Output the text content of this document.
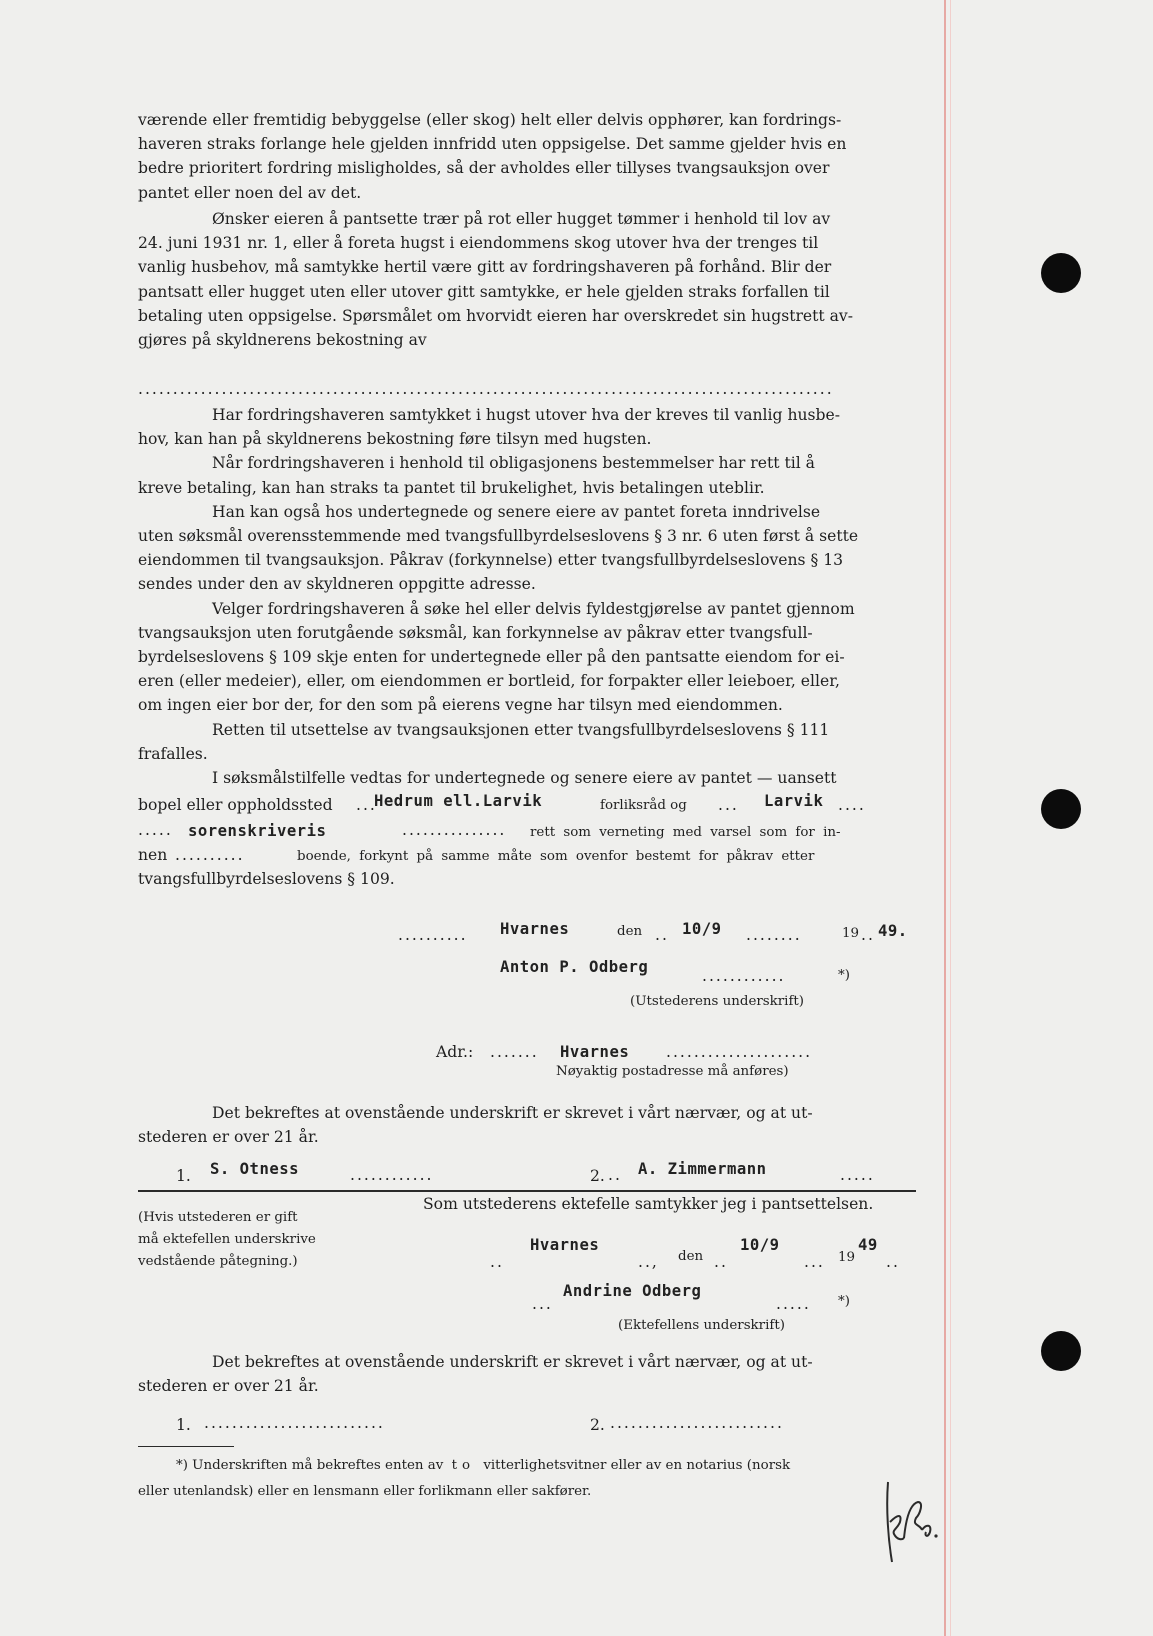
værende eller fremtidig bebyggelse (eller skog) helt eller delvis opphører, kan fordrings-
haveren straks forlange hele gjelden innfridd uten oppsigelse. Det samme gjelder hvis en
bedre prioritert fordring misligholdes, så der avholdes eller tillyses tvangsauksjon over
pantet eller noen del av det.
Ønsker eieren å pantsette trær på rot eller hugget tømmer i henhold til lov av
24. juni 1931 nr. 1, eller å foreta hugst i eiendommens skog utover hva der trenges til
vanlig husbehov, må samtykke hertil være gitt av fordringshaveren på forhånd. Blir der
pantsatt eller hugget uten eller utover gitt samtykke, er hele gjelden straks forfallen til
betaling uten oppsigelse. Spørsmålet om hvorvidt eieren har overskredet sin hugstrett av-
gjøres på skyldnerens bekostning av
....................................................................................................
Har fordringshaveren samtykket i hugst utover hva der kreves til vanlig husbe-
hov, kan han på skyldnerens bekostning føre tilsyn med hugsten.
Når fordringshaveren i henhold til obligasjonens bestemmelser har rett til å
kreve betaling, kan han straks ta pantet til brukelighet, hvis betalingen uteblir.
Han kan også hos undertegnede og senere eiere av pantet foreta inndrivelse
uten søksmål overensstemmende med tvangsfullbyrdelseslovens § 3 nr. 6 uten først å sette
eiendommen til tvangsauksjon. Påkrav (forkynnelse) etter tvangsfullbyrdelseslovens § 13
sendes under den av skyldneren oppgitte adresse.
Velger fordringshaveren å søke hel eller delvis fyldestgjørelse av pantet gjennom
tvangsauksjon uten forutgående søksmål, kan forkynnelse av påkrav etter tvangsfull-
byrdelseslovens § 109 skje enten for undertegnede eller på den pantsatte eiendom for ei-
eren (eller medeier), eller, om eiendommen er bortleid, for forpakter eller leieboer, eller,
om ingen eier bor der, for den som på eierens vegne har tilsyn med eiendommen.
Retten til utsettelse av tvangsauksjonen etter tvangsfullbyrdelseslovens § 111
frafalles.
I søksmålstilfelle vedtas for undertegnede og senere eiere av pantet — uansett
bopel eller oppholdssted ...
Hedrum ell.Larvik	forliksråd og ... Larvik ....
..... sorenskriveris	............... rett som verneting med varsel som for in-
nen ..........	boende, forkynt på samme måte som ovenfor bestemt for påkrav etter
tvangsfullbyrdelseslovens § 109.
.......... Hvarnes	den .. 10/9 ........	19 .. 49.
Anton P. Odberg	............	*)
(Utstederens underskrift)
Adr.: ....... Hvarnes .....................
Nøyaktig postadresse må anføres)
Det bekreftes at ovenstående underskrift er skrevet i vårt nærvær, og at ut-
stederen er over 21 år.
1. S. Otness	............	2. .. A. Zimmermann	.....
(Hvis utstederen er gift
må ektefellen underskrive
vedstående påtegning.)
Som utstederens ektefelle samtykker jeg i pantsettelsen.
..
Hvarnes
.., den ..
10/9
... 19
49
..
...
Andrine Odberg
..... *)
(Ektefellens underskrift)
Det bekreftes at ovenstående underskrift er skrevet i vårt nærvær, og at ut-
stederen er over 21 år.
1. ..........................	2. .........................
*) Underskriften må bekreftes enten av to vitterlighetsvitner eller av en notarius (norsk
eller utenlandsk) eller en lensmann eller forlikmann eller sakfører.
